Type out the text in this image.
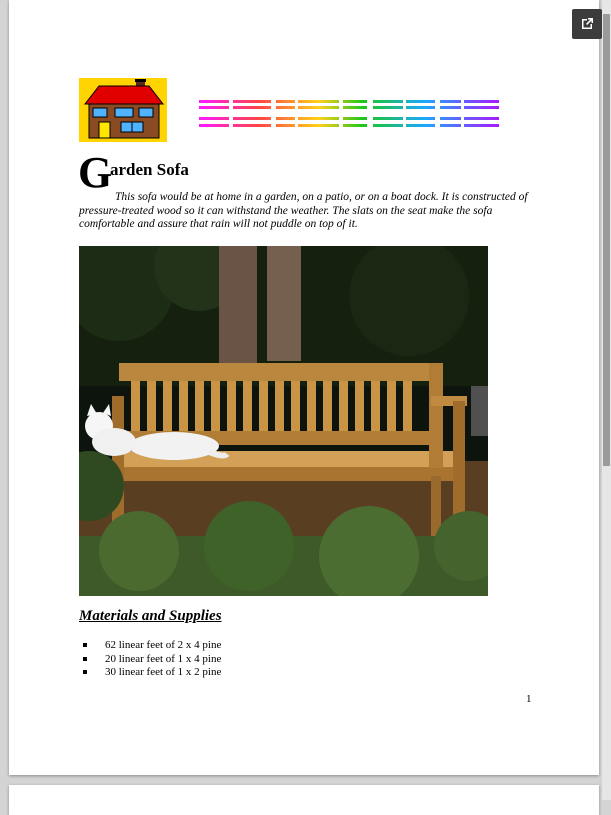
G
arden Sofa

This sofa would be at home in a garden, on a patio, or on a boat dock. It is constructed of pressure-treated wood so it can withstand the weather. The slats on the seat make the sofa comfortable and assure that rain will not puddle on top of it.

Materials and Supplies
62 linear feet of 2 x 4 pine
20 linear feet of 1 x 4 pine
30 linear feet of 1 x 2 pine
1
